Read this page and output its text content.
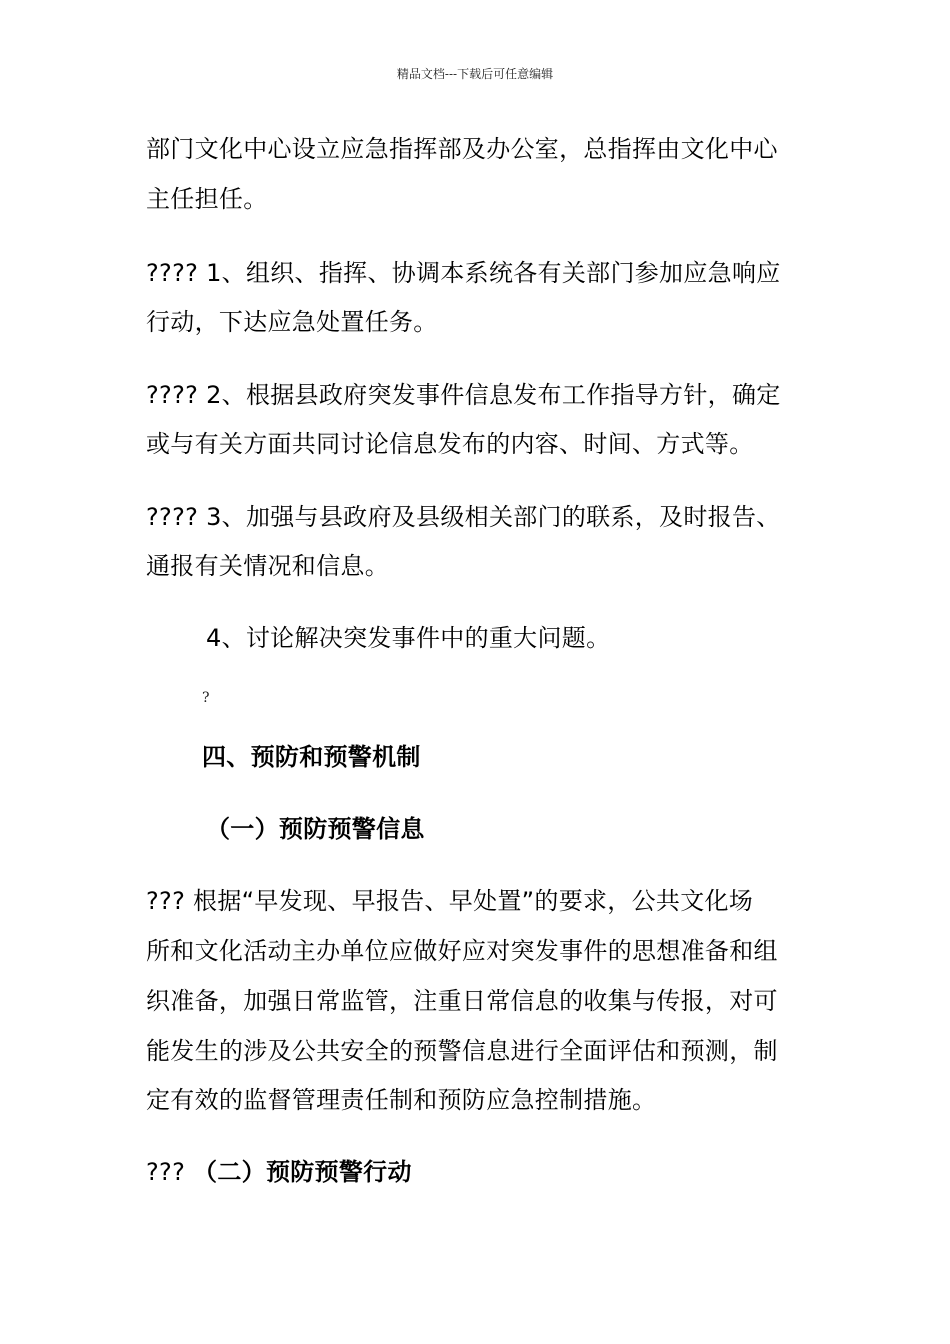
精品文档---下载后可任意编辑
部门文化中心设立应急指挥部及办公室，总指挥由文化中心
主任担任。
???? 1、组织、指挥、协调本系统各有关部门参加应急响应
行动，下达应急处置任务。
???? 2、根据县政府突发事件信息发布工作指导方针，确定
或与有关方面共同讨论信息发布的内容、时间、方式等。
???? 3、加强与县政府及县级相关部门的联系，及时报告、
通报有关情况和信息。
4、讨论解决突发事件中的重大问题。
?
四、预防和预警机制
（一）预防预警信息
??? 根据“早发现、早报告、早处置”的要求，公共文化场
所和文化活动主办单位应做好应对突发事件的思想准备和组
织准备，加强日常监管，注重日常信息的收集与传报，对可
能发生的涉及公共安全的预警信息进行全面评估和预测，制
定有效的监督管理责任制和预防应急控制措施。
??? （二）预防预警行动
